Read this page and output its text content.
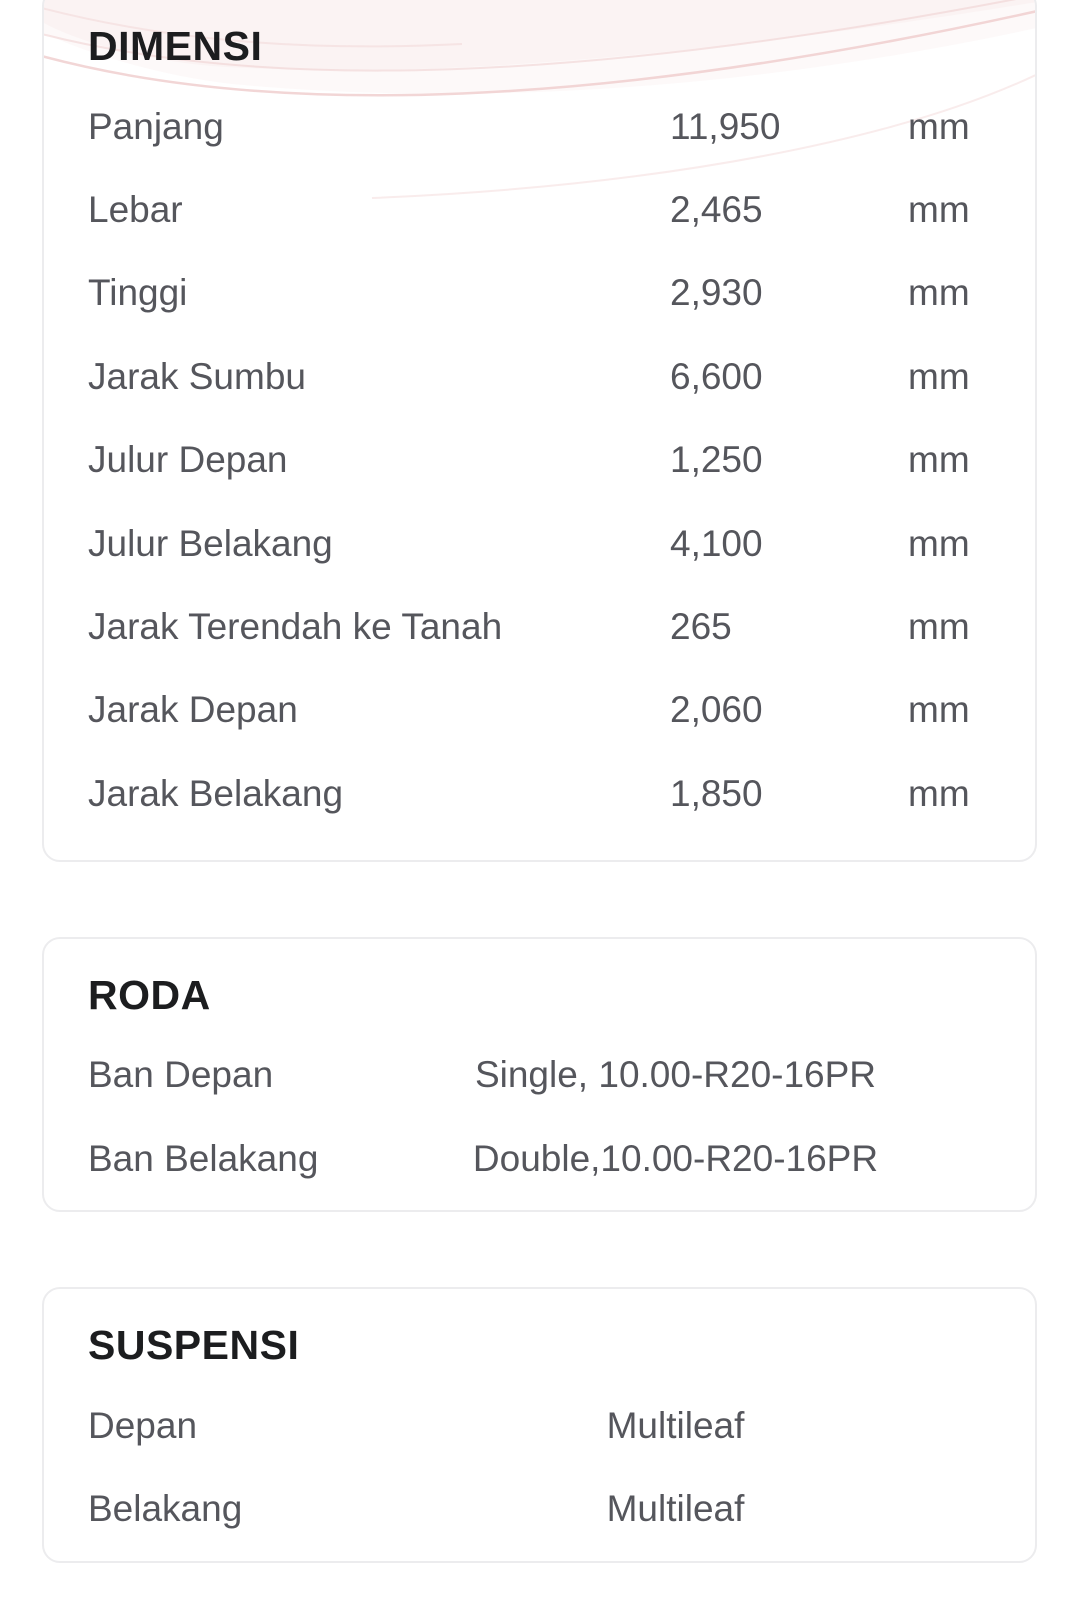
DIMENSI
Panjang	11,950	mm
Lebar	2,465	mm
Tinggi	2,930	mm
Jarak Sumbu	6,600	mm
Julur Depan	1,250	mm
Julur Belakang	4,100	mm
Jarak Terendah ke Tanah	265	mm
Jarak Depan	2,060	mm
Jarak Belakang	1,850	mm
RODA
Ban Depan	Single, 10.00-R20-16PR
Ban Belakang	Double,10.00-R20-16PR
SUSPENSI
Depan	Multileaf
Belakang	Multileaf
